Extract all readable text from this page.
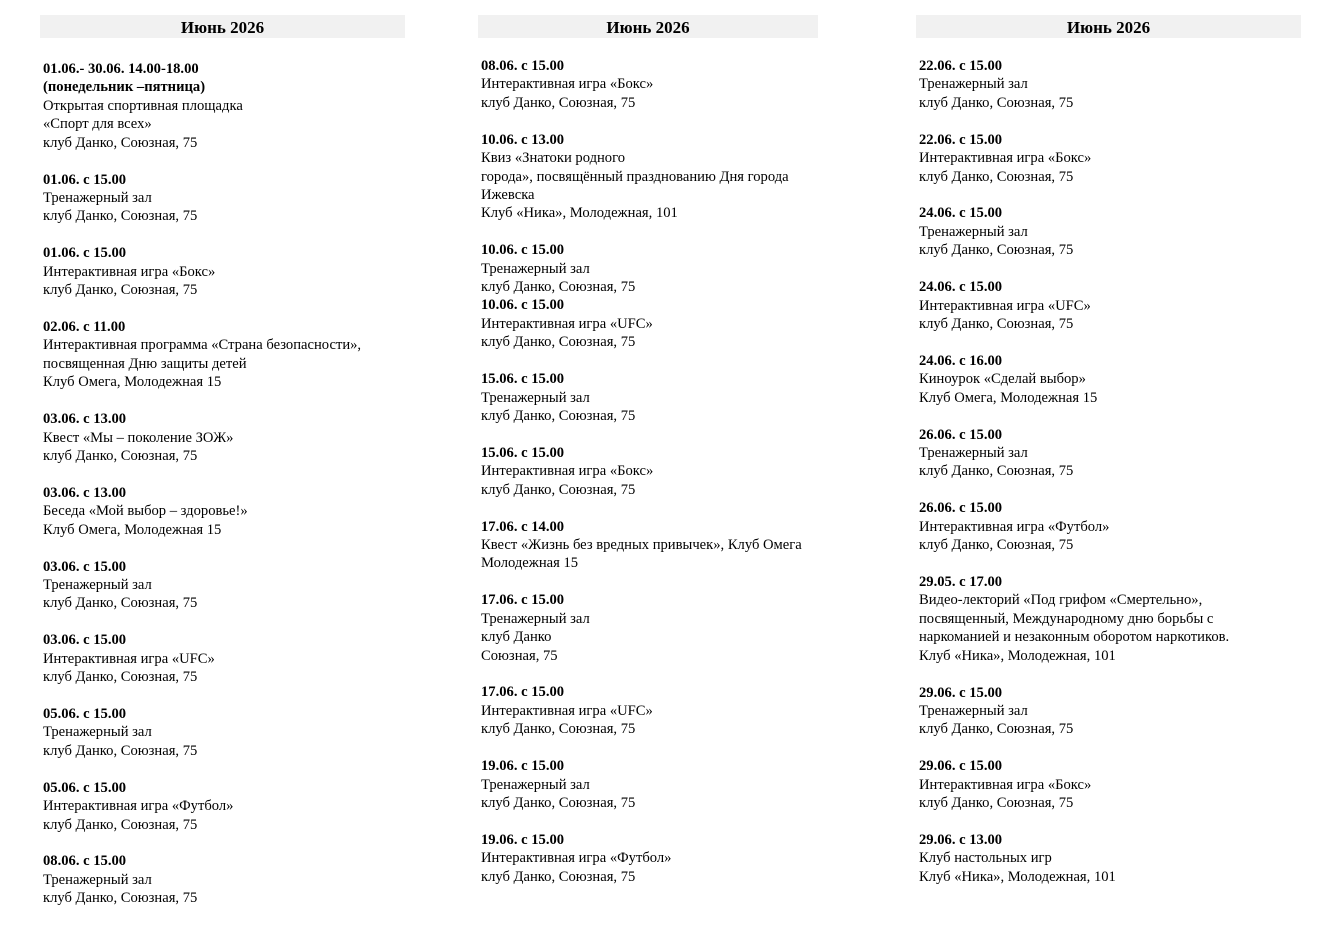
Июнь 2026
01.06.- 30.06. 14.00-18.00
(понедельник –пятница)
Открытая спортивная площадка
«Спорт для всех»
клуб Данко, Союзная, 75
01.06. с 15.00
Тренажерный зал
клуб Данко, Союзная, 75
01.06. с 15.00
Интерактивная игра «Бокс»
клуб Данко, Союзная, 75
02.06. с 11.00
Интерактивная программа «Страна безопасности»,
посвященная Дню защиты детей
Клуб Омега, Молодежная 15
03.06. с 13.00
Квест «Мы – поколение ЗОЖ»
клуб Данко, Союзная, 75
03.06. с 13.00
Беседа «Мой выбор – здоровье!»
Клуб Омега, Молодежная 15
03.06. с 15.00
Тренажерный зал
клуб Данко, Союзная, 75
03.06. с 15.00
Интерактивная игра «UFC»
клуб Данко, Союзная, 75
05.06. с 15.00
Тренажерный зал
клуб Данко, Союзная, 75
05.06. с 15.00
Интерактивная игра «Футбол»
клуб Данко, Союзная, 75
08.06. с 15.00
Тренажерный зал
клуб Данко, Союзная, 75
Июнь 2026
08.06. с 15.00
Интерактивная игра «Бокс»
клуб Данко, Союзная, 75
10.06. с 13.00
Квиз «Знатоки родного
города», посвящённый празднованию Дня города
Ижевска
Клуб «Ника», Молодежная, 101
10.06. с 15.00
Тренажерный зал
клуб Данко, Союзная, 75
10.06. с 15.00
Интерактивная игра «UFC»
клуб Данко, Союзная, 75
15.06. с 15.00
Тренажерный зал
клуб Данко, Союзная, 75
15.06. с 15.00
Интерактивная игра «Бокс»
клуб Данко, Союзная, 75
17.06. с 14.00
Квест «Жизнь без вредных привычек», Клуб Омега
Молодежная 15
17.06. с 15.00
Тренажерный зал
клуб Данко
Союзная, 75
17.06. с 15.00
Интерактивная игра «UFC»
клуб Данко, Союзная, 75
19.06. с 15.00
Тренажерный зал
клуб Данко, Союзная, 75
19.06. с 15.00
Интерактивная игра «Футбол»
клуб Данко, Союзная, 75
Июнь 2026
22.06. с 15.00
Тренажерный зал
клуб Данко, Союзная, 75
22.06. с 15.00
Интерактивная игра «Бокс»
клуб Данко, Союзная, 75
24.06. с 15.00
Тренажерный зал
клуб Данко, Союзная, 75
24.06. с 15.00
Интерактивная игра «UFC»
клуб Данко, Союзная, 75
24.06. с 16.00
Киноурок «Сделай выбор»
Клуб Омега, Молодежная 15
26.06. с 15.00
Тренажерный зал
клуб Данко, Союзная, 75
26.06. с 15.00
Интерактивная игра «Футбол»
клуб Данко, Союзная, 75
29.05. с 17.00
Видео-лекторий «Под грифом «Смертельно»,
посвященный, Международному дню борьбы с
наркоманией и незаконным оборотом наркотиков.
Клуб «Ника», Молодежная, 101
29.06. с 15.00
Тренажерный зал
клуб Данко, Союзная, 75
29.06. с 15.00
Интерактивная игра «Бокс»
клуб Данко, Союзная, 75
29.06. с 13.00
Клуб настольных игр
Клуб «Ника», Молодежная, 101
